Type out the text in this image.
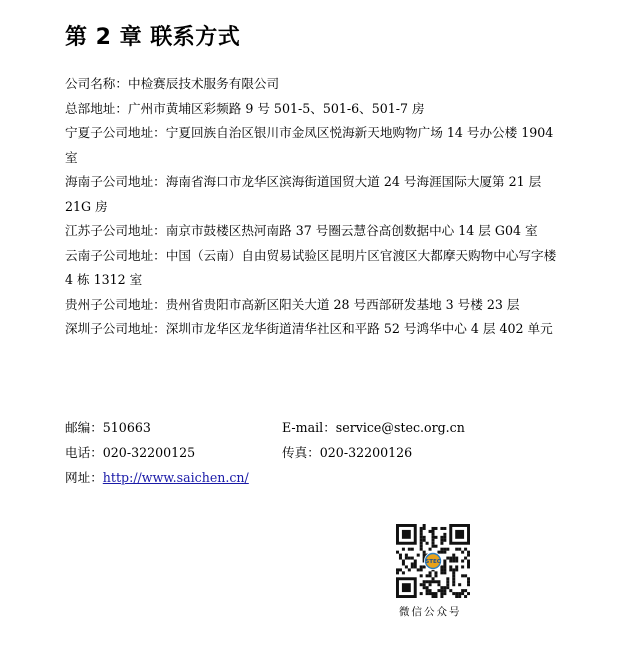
第 2 章 联系方式

公司名称：中检赛辰技术服务有限公司

总部地址：广州市黄埔区彩频路 9 号 501-5、501-6、501-7 房

宁夏子公司地址：宁夏回族自治区银川市金凤区悦海新天地购物广场 14 号办公楼 1904 室

海南子公司地址：海南省海口市龙华区滨海街道国贸大道 24 号海涯国际大厦第 21 层 21G 房

江苏子公司地址：南京市鼓楼区热河南路 37 号圈云慧谷高创数据中心 14 层 G04 室

云南子公司地址：中国（云南）自由贸易试验区昆明片区官渡区大都摩天购物中心写字楼 4 栋 1312 室

贵州子公司地址：贵州省贵阳市高新区阳关大道 28 号西部研发基地 3 号楼 23 层

深圳子公司地址：深圳市龙华区龙华街道清华社区和平路 52 号鸿华中心 4 层 402 单元

邮编：510663	E-mail：service@stec.org.cn
电话：020-32200125	传真：020-32200126
网址：http://www.saichen.cn/
STEC
微信公众号
